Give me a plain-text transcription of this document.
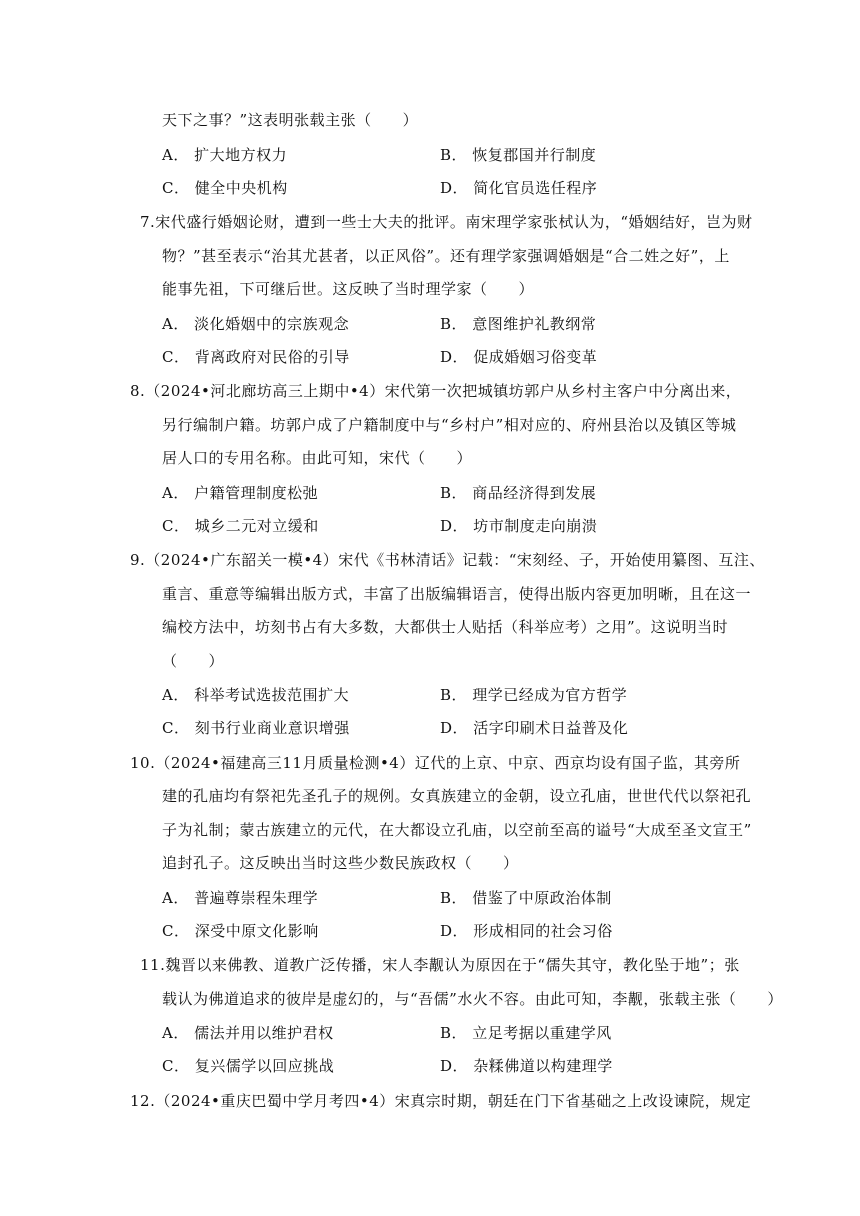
天下之事？”这表明张载主张（　　）
A． 扩大地方权力	B． 恢复郡国并行制度
C． 健全中央机构	D． 简化官员选任程序
7.宋代盛行婚姻论财，遭到一些士大夫的批评。南宋理学家张栻认为，“婚姻结好，岂为财
物？”甚至表示“治其尤甚者，以正风俗”。还有理学家强调婚姻是“合二姓之好”，上
能事先祖，下可继后世。这反映了当时理学家（　　）
A． 淡化婚姻中的宗族观念	B． 意图维护礼教纲常
C． 背离政府对民俗的引导	D． 促成婚姻习俗变革
8.（2024•河北廊坊高三上期中•4）宋代第一次把城镇坊郭户从乡村主客户中分离出来，
另行编制户籍。坊郭户成了户籍制度中与“乡村户”相对应的、府州县治以及镇区等城
居人口的专用名称。由此可知，宋代（　　）
A． 户籍管理制度松弛	B． 商品经济得到发展
C． 城乡二元对立缓和	D． 坊市制度走向崩溃
9.（2024•广东韶关一模•4）宋代《书林清话》记载：“宋刻经、子，开始使用纂图、互注、
重言、重意等编辑出版方式，丰富了出版编辑语言，使得出版内容更加明晰，且在这一
编校方法中，坊刻书占有大多数，大都供士人贴括（科举应考）之用”。这说明当时
（　　）
A． 科举考试选拔范围扩大	B． 理学已经成为官方哲学
C． 刻书行业商业意识增强	D． 活字印刷术日益普及化
10.（2024•福建高三11月质量检测•4）辽代的上京、中京、西京均设有国子监，其旁所
建的孔庙均有祭祀先圣孔子的规例。女真族建立的金朝，设立孔庙，世世代代以祭祀孔
子为礼制；蒙古族建立的元代，在大都设立孔庙，以空前至高的谥号“大成至圣文宣王”
追封孔子。这反映出当时这些少数民族政权（　　）
A． 普遍尊崇程朱理学	B． 借鉴了中原政治体制
C． 深受中原文化影响	D． 形成相同的社会习俗
11.魏晋以来佛教、道教广泛传播，宋人李觏认为原因在于“儒失其守，教化坠于地”；张
载认为佛道追求的彼岸是虚幻的，与“吾儒”水火不容。由此可知，李觏，张载主张（　　）
A． 儒法并用以维护君权	B． 立足考据以重建学风
C． 复兴儒学以回应挑战	D． 杂糅佛道以构建理学
12.（2024•重庆巴蜀中学月考四•4）宋真宗时期，朝廷在门下省基础之上改设谏院，规定
